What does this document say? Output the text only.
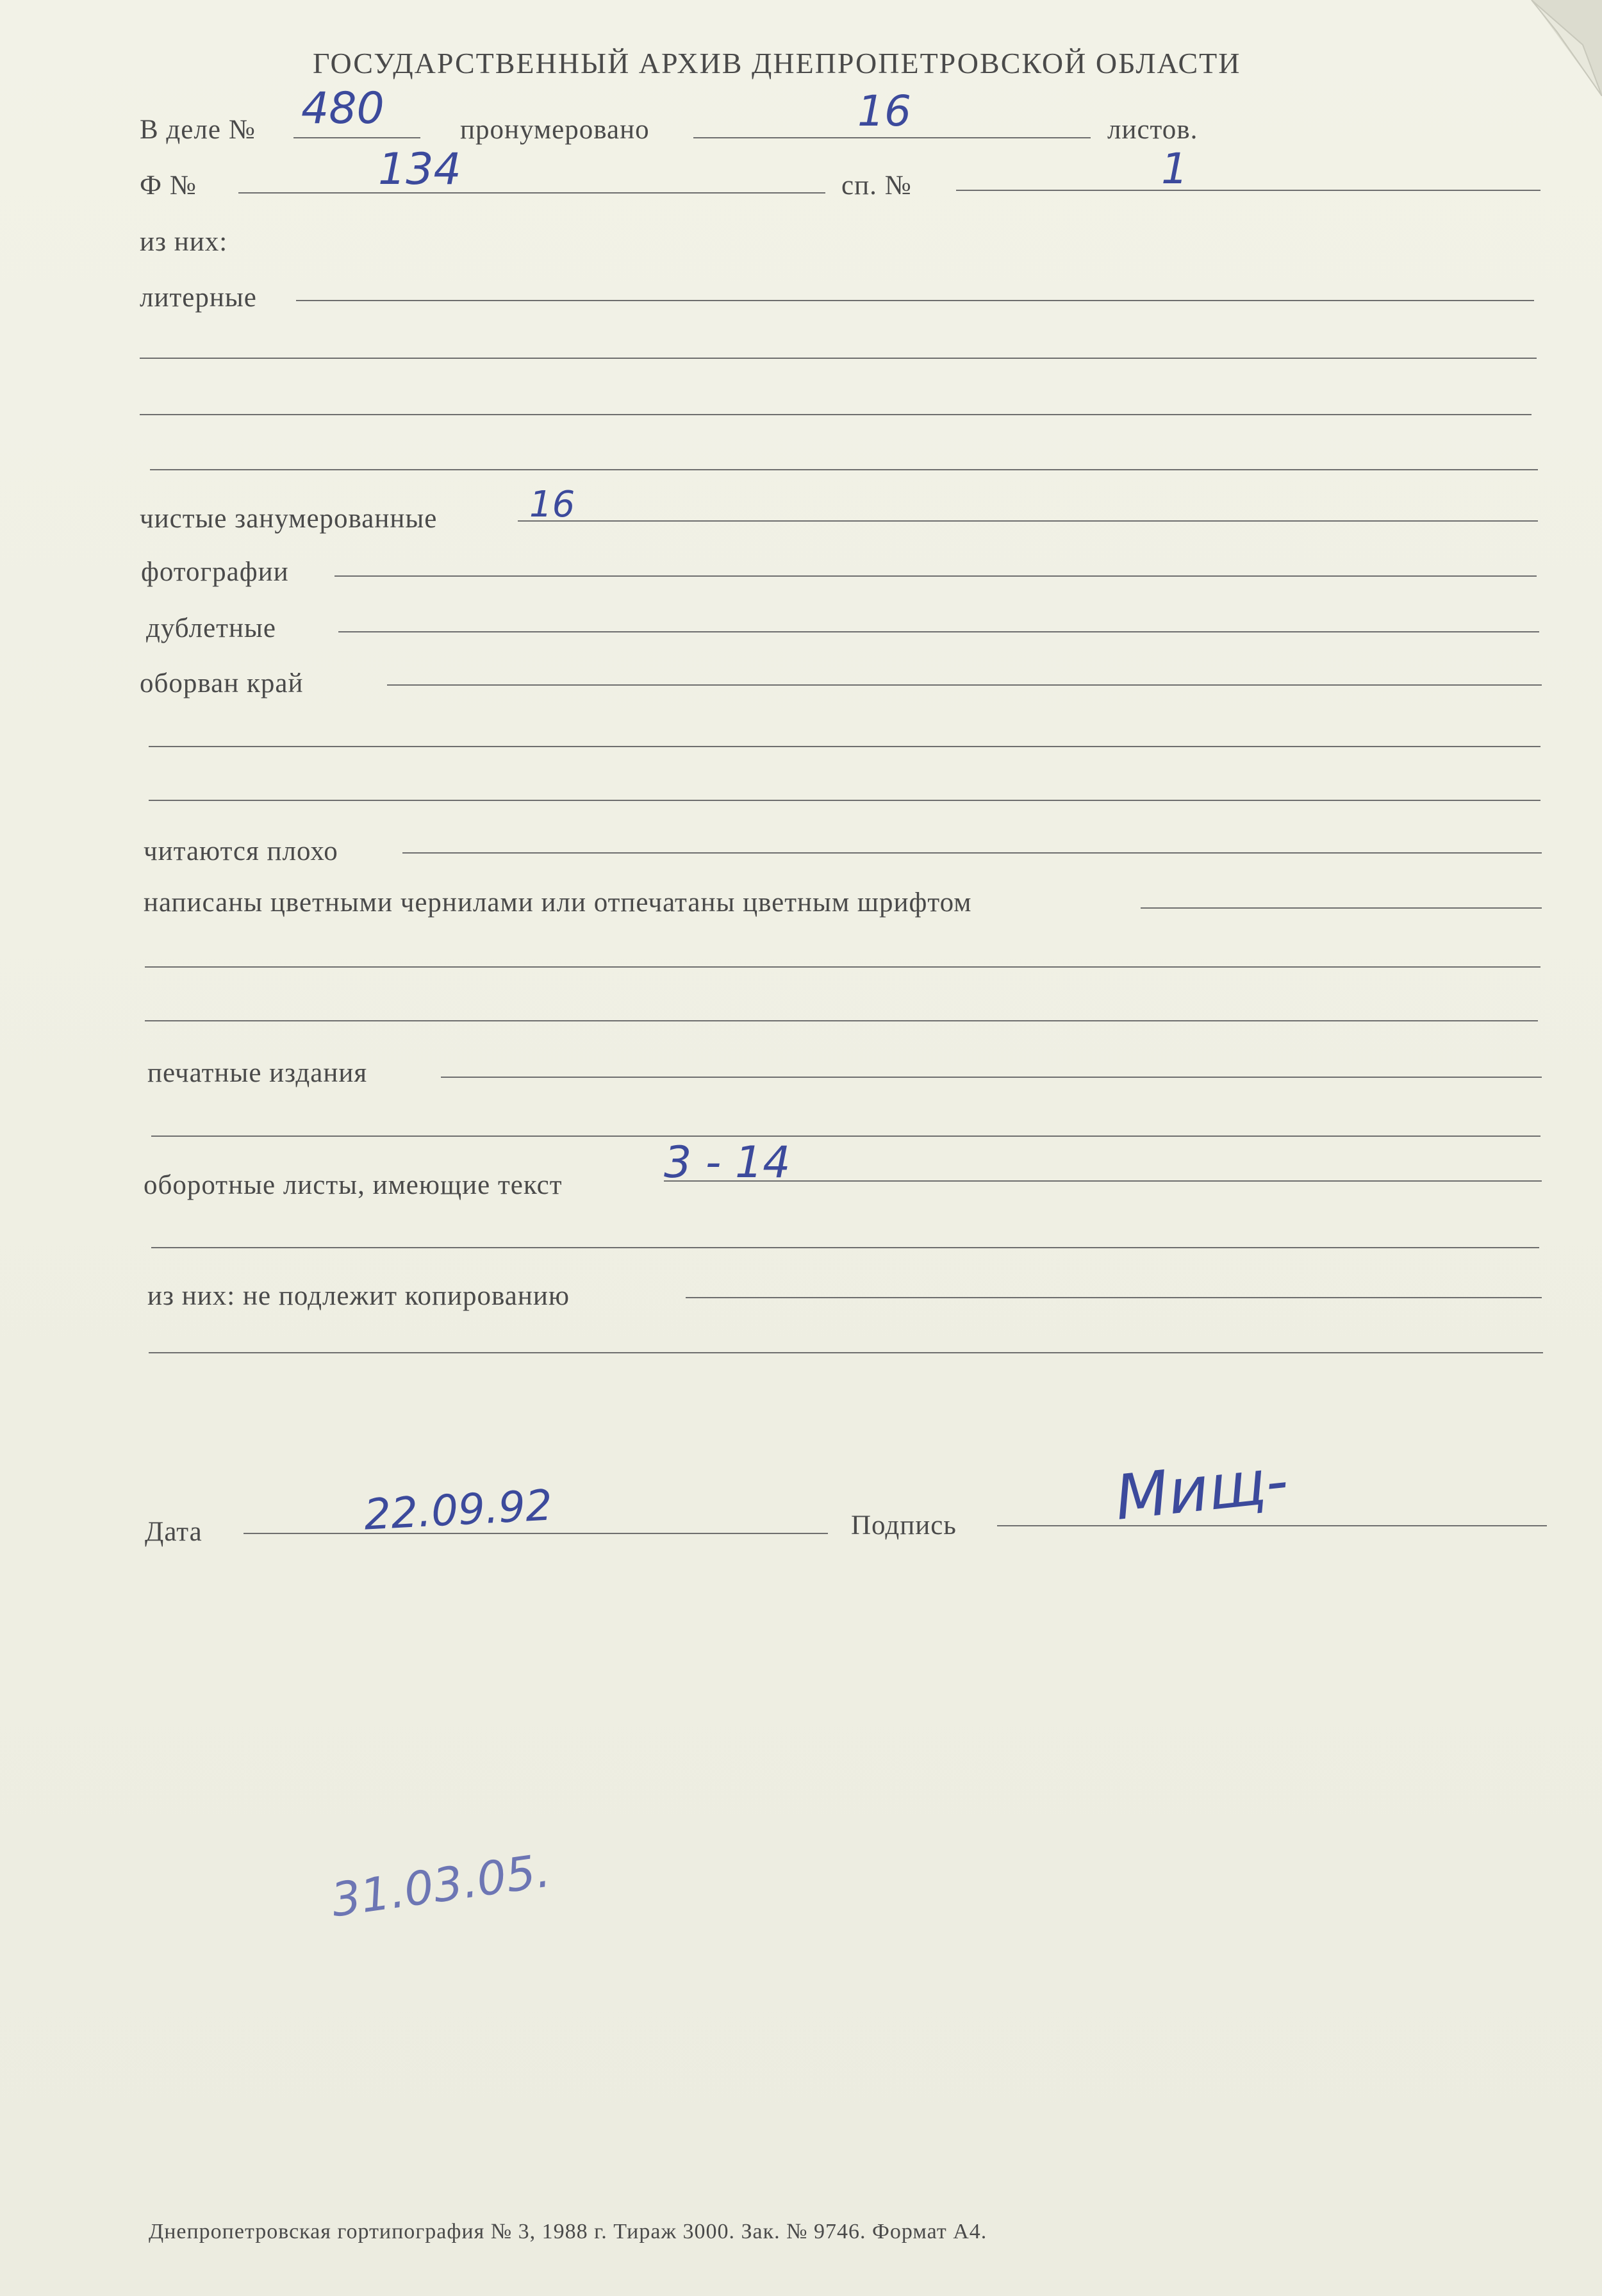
ГОСУДАРСТВЕННЫЙ АРХИВ ДНЕПРОПЕТРОВСКОЙ ОБЛАСТИ
В деле № 480	пронумеровано	16	листов.
Ф №	134	сп. №	1
из них:
литерные
чистые занумерованные	16
фотографии
дублетные
оборван край
читаются плохо
написаны цветными чернилами или отпечатаны цветным шрифтом
печатные издания
оборотные листы, имеющие текст 3 - 14
из них: не подлежит копированию
Дата	22.09.92	Подпись	Мищ-
31.03.05.
Днепропетровская гортипография № 3, 1988 г. Тираж 3000. Зак. № 9746. Формат А4.
